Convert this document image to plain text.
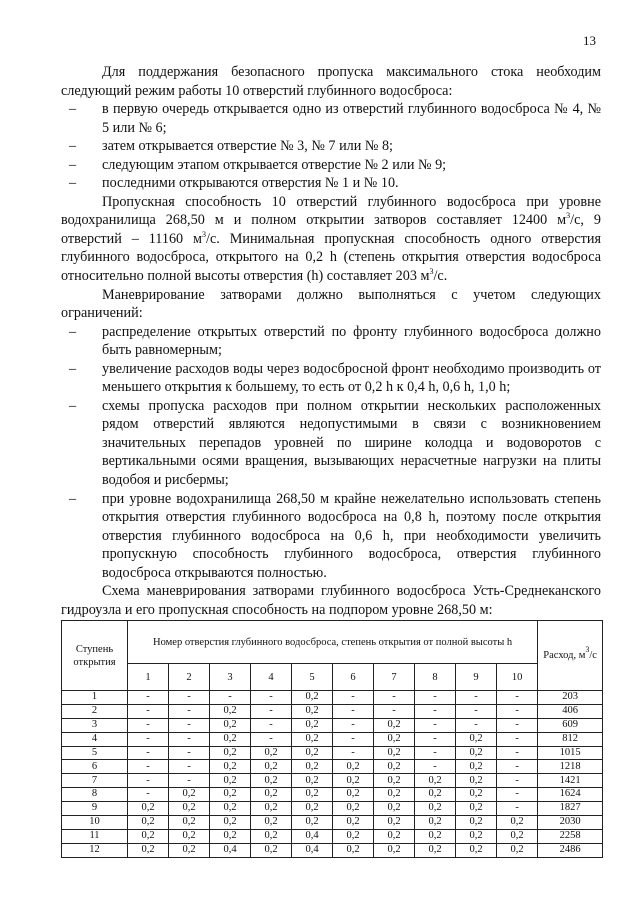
13

Для поддержания безопасного пропуска максимального стока необходим следующий режим работы 10 отверстий глубинного водосброса:

–	в первую очередь открывается одно из отверстий глубинного водосброса № 4, № 5 или № 6;
–	затем открывается отверстие № 3, № 7 или № 8;
–	следующим этапом открывается отверстие № 2 или № 9;
–	последними открываются отверстия № 1 и № 10.

Пропускная способность 10 отверстий глубинного водосброса при уровне водохранилища 268,50 м и полном открытии затворов составляет 12400 $м^3/с$, 9 отверстий – 11160 $м^3/с$. Минимальная пропускная способность одного отверстия глубинного водосброса, открытого на 0,2 h (степень открытия отверстия водосброса относительно полной высоты отверстия (h) составляет 203 $м^3/с$.

Маневрирование затворами должно выполняться с учетом следующих ограничений:

–	распределение открытых отверстий по фронту глубинного водосброса должно быть равномерным;
–	увеличение расходов воды через водосбросной фронт необходимо производить от меньшего открытия к большему, то есть от 0,2 h к 0,4 h, 0,6 h, 1,0 h;
–	схемы пропуска расходов при полном открытии нескольких расположенных рядом отверстий являются недопустимыми в связи с возникновением значительных перепадов уровней по ширине колодца и водоворотов с вертикальными осями вращения, вызывающих нерасчетные нагрузки на плиты водобоя и рисбермы;
–	при уровне водохранилища 268,50 м крайне нежелательно использовать степень открытия отверстия глубинного водосброса на 0,8 h, поэтому после открытия отверстия глубинного водосброса на 0,6 h, при необходимости увеличить пропускную способность глубинного водосброса, отверстия глубинного водосброса открываются полностью.

Схема маневрирования затворами глубинного водосброса Усть-Среднеканского гидроузла и его пропускная способность на подпором уровне 268,50 м:

Ступень открытия	Номер отверстия глубинного водосброса, степень открытия от полной высоты h										Расход, $м^3/с$
	1	2	3	4	5	6	7	8	9	10	
1	-	-	-	-	0,2	-	-	-	-	-	203
2	-	-	0,2	-	0,2	-	-	-	-	-	406
3	-	-	0,2	-	0,2	-	0,2	-	-	-	609
4	-	-	0,2	-	0,2	-	0,2	-	0,2	-	812
5	-	-	0,2	0,2	0,2	-	0,2	-	0,2	-	1015
6	-	-	0,2	0,2	0,2	0,2	0,2	-	0,2	-	1218
7	-	-	0,2	0,2	0,2	0,2	0,2	0,2	0,2	-	1421
8	-	0,2	0,2	0,2	0,2	0,2	0,2	0,2	0,2	-	1624
9	0,2	0,2	0,2	0,2	0,2	0,2	0,2	0,2	0,2	-	1827
10	0,2	0,2	0,2	0,2	0,2	0,2	0,2	0,2	0,2	0,2	2030
11	0,2	0,2	0,2	0,2	0,4	0,2	0,2	0,2	0,2	0,2	2258
12	0,2	0,2	0,4	0,2	0,4	0,2	0,2	0,2	0,2	0,2	2486
